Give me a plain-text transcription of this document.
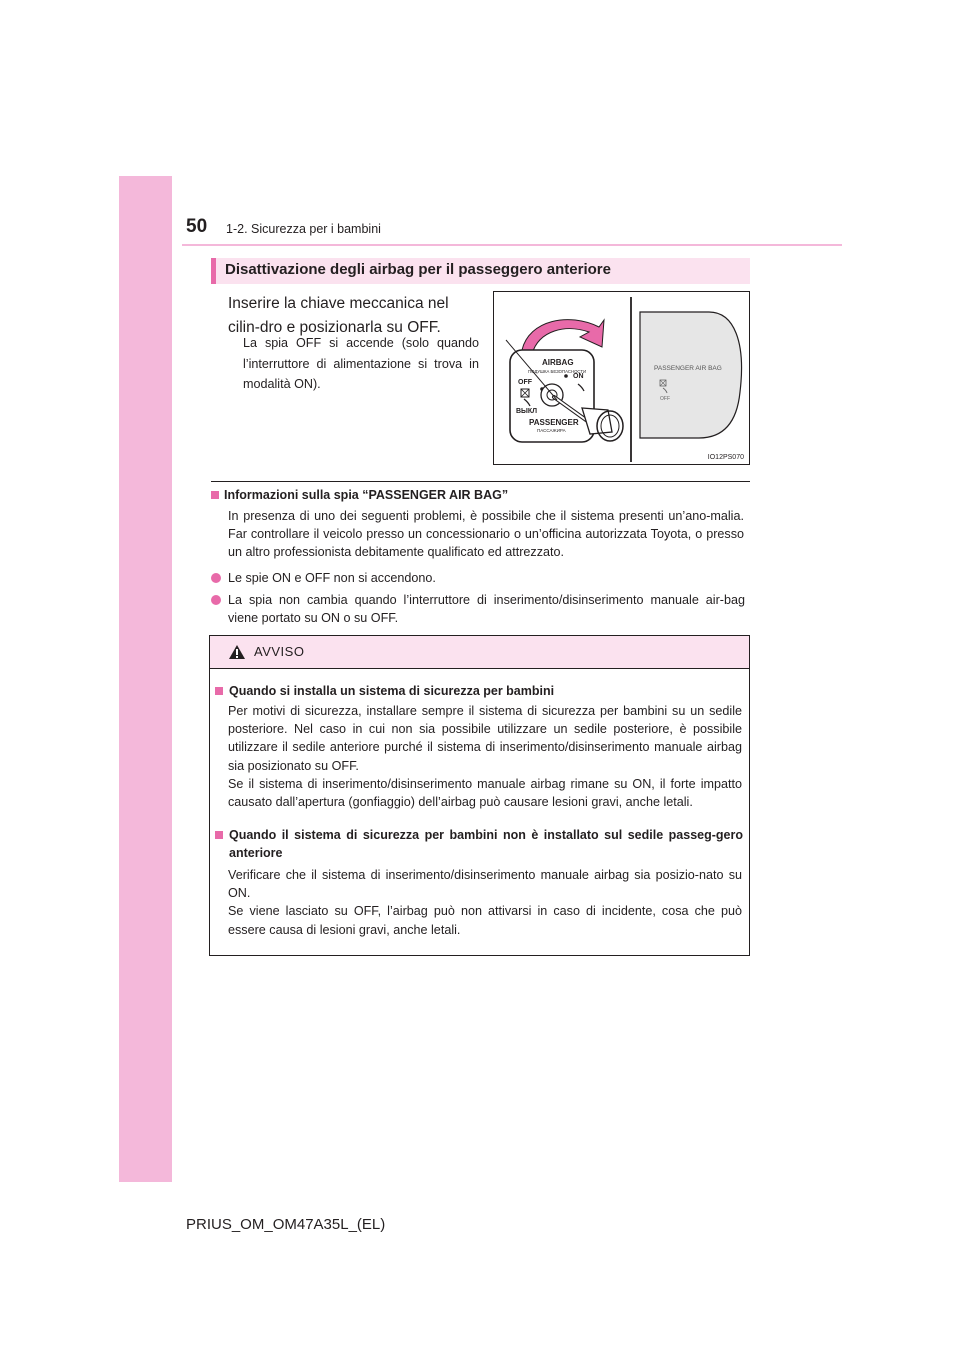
50 1-2. Sicurezza per i bambini
Disattivazione degli airbag per il passeggero anteriore
Inserire la chiave meccanica nel cilin-dro e posizionarla su OFF.
La spia OFF si accende (solo quando l’interruttore di alimentazione si trova in modalità ON).
AIRBAG
ПОДУШКА БЕЗОПАСНОСТИ
OFF
ON
ВЫКЛ
PASSENGER
ПАССАЖИРА
PASSENGER AIR BAG
OFF
IO12PS070
Informazioni sulla spia “PASSENGER AIR BAG”
In presenza di uno dei seguenti problemi, è possibile che il sistema presenti un’ano-malia. Far controllare il veicolo presso un concessionario o un’officina autorizzata Toyota, o presso un altro professionista debitamente qualificato ed attrezzato.
Le spie ON e OFF non si accendono.
La spia non cambia quando l’interruttore di inserimento/disinserimento manuale air-bag viene portato su ON o su OFF.
AVVISO
Quando si installa un sistema di sicurezza per bambini

Per motivi di sicurezza, installare sempre il sistema di sicurezza per bambini su un sedile posteriore. Nel caso in cui non sia possibile utilizzare un sedile posteriore, è possibile utilizzare il sedile anteriore purché il sistema di inserimento/disinserimento manuale airbag sia posizionato su OFF.

Se il sistema di inserimento/disinserimento manuale airbag rimane su ON, il forte impatto causato dall’apertura (gonfiaggio) dell’airbag può causare lesioni gravi, anche letali.

Quando il sistema di sicurezza per bambini non è installato sul sedile passeg-gero anteriore

Verificare che il sistema di inserimento/disinserimento manuale airbag sia posizio-nato su ON.

Se viene lasciato su OFF, l’airbag può non attivarsi in caso di incidente, cosa che può essere causa di lesioni gravi, anche letali.

PRIUS_OM_OM47A35L_(EL)
